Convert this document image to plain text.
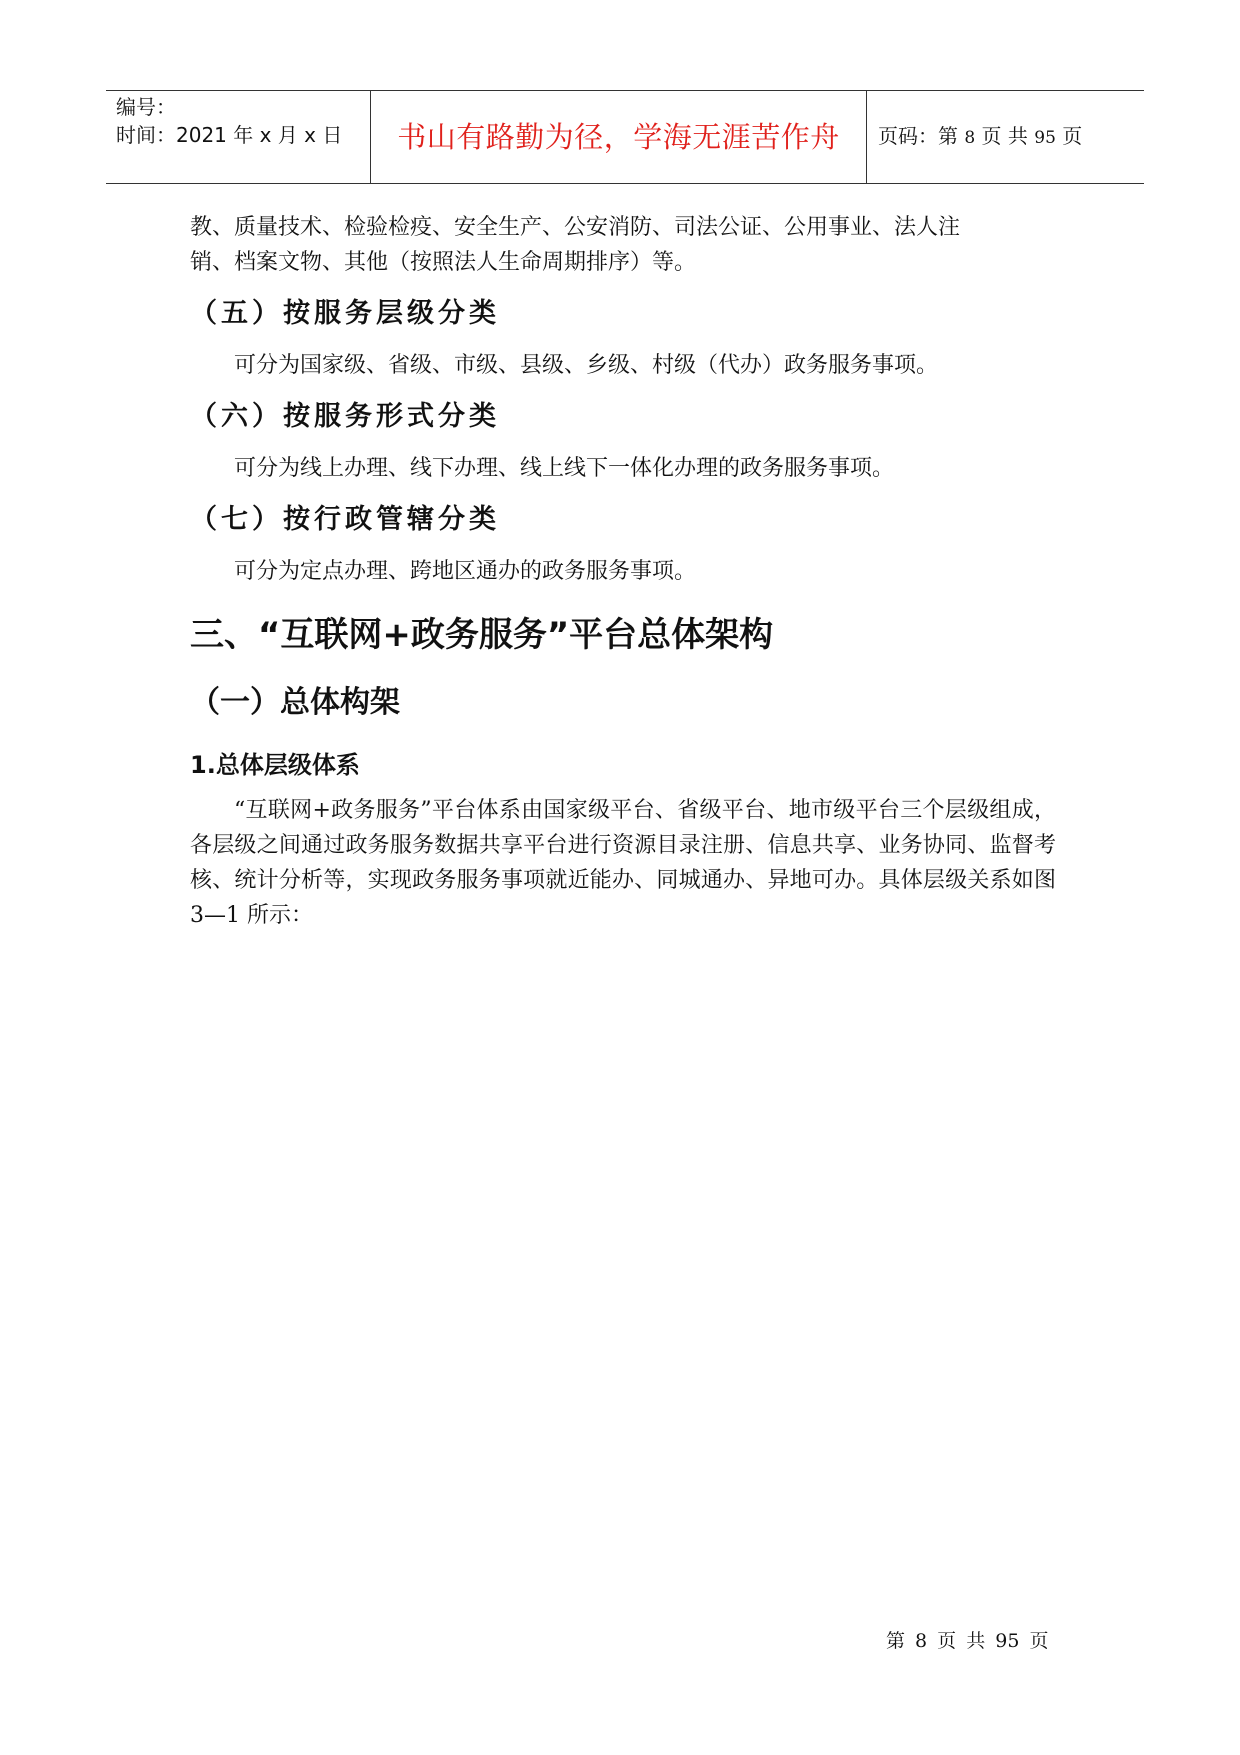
编号：
时间：2021 年 x 月 x 日	书山有路勤为径，学海无涯苦作舟	页码：第 8 页 共 95 页

教、质量技术、检验检疫、安全生产、公安消防、司法公证、公用事业、法人注

销、档案文物、其他（按照法人生命周期排序）等。

（五）按服务层级分类

可分为国家级、省级、市级、县级、乡级、村级（代办）政务服务事项。

（六）按服务形式分类

可分为线上办理、线下办理、线上线下一体化办理的政务服务事项。

（七）按行政管辖分类

可分为定点办理、跨地区通办的政务服务事项。

三、“互联网+政务服务”平台总体架构
（一）总体构架
1.总体层级体系

“互联网+政务服务”平台体系由国家级平台、省级平台、地市级平台三个层级组成，各层级之间通过政务服务数据共享平台进行资源目录注册、信息共享、业务协同、监督考核、统计分析等，实现政务服务事项就近能办、同城通办、异地可办。具体层级关系如图 3—1 所示：

第 8 页 共 95 页
